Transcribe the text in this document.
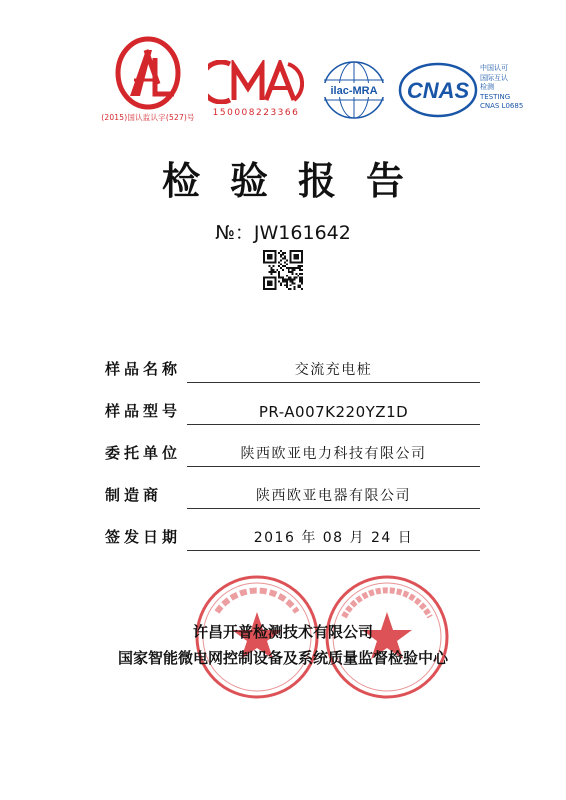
(2015)国认监认字(527)号	150008223366
ilac-MRA CNAS
中国认可
国际互认
检测
TESTING
CNAS L0685
检验报告
№：JW161642
样品名称	交流充电桩
样品型号	PR-A007K220YZ1D
委托单位	陕西欧亚电力科技有限公司
制造商	陕西欧亚电器有限公司
签发日期	2016 年 08 月 24 日
许昌开普检测技术有限公司
国家智能微电网控制设备及系统质量监督检验中心
